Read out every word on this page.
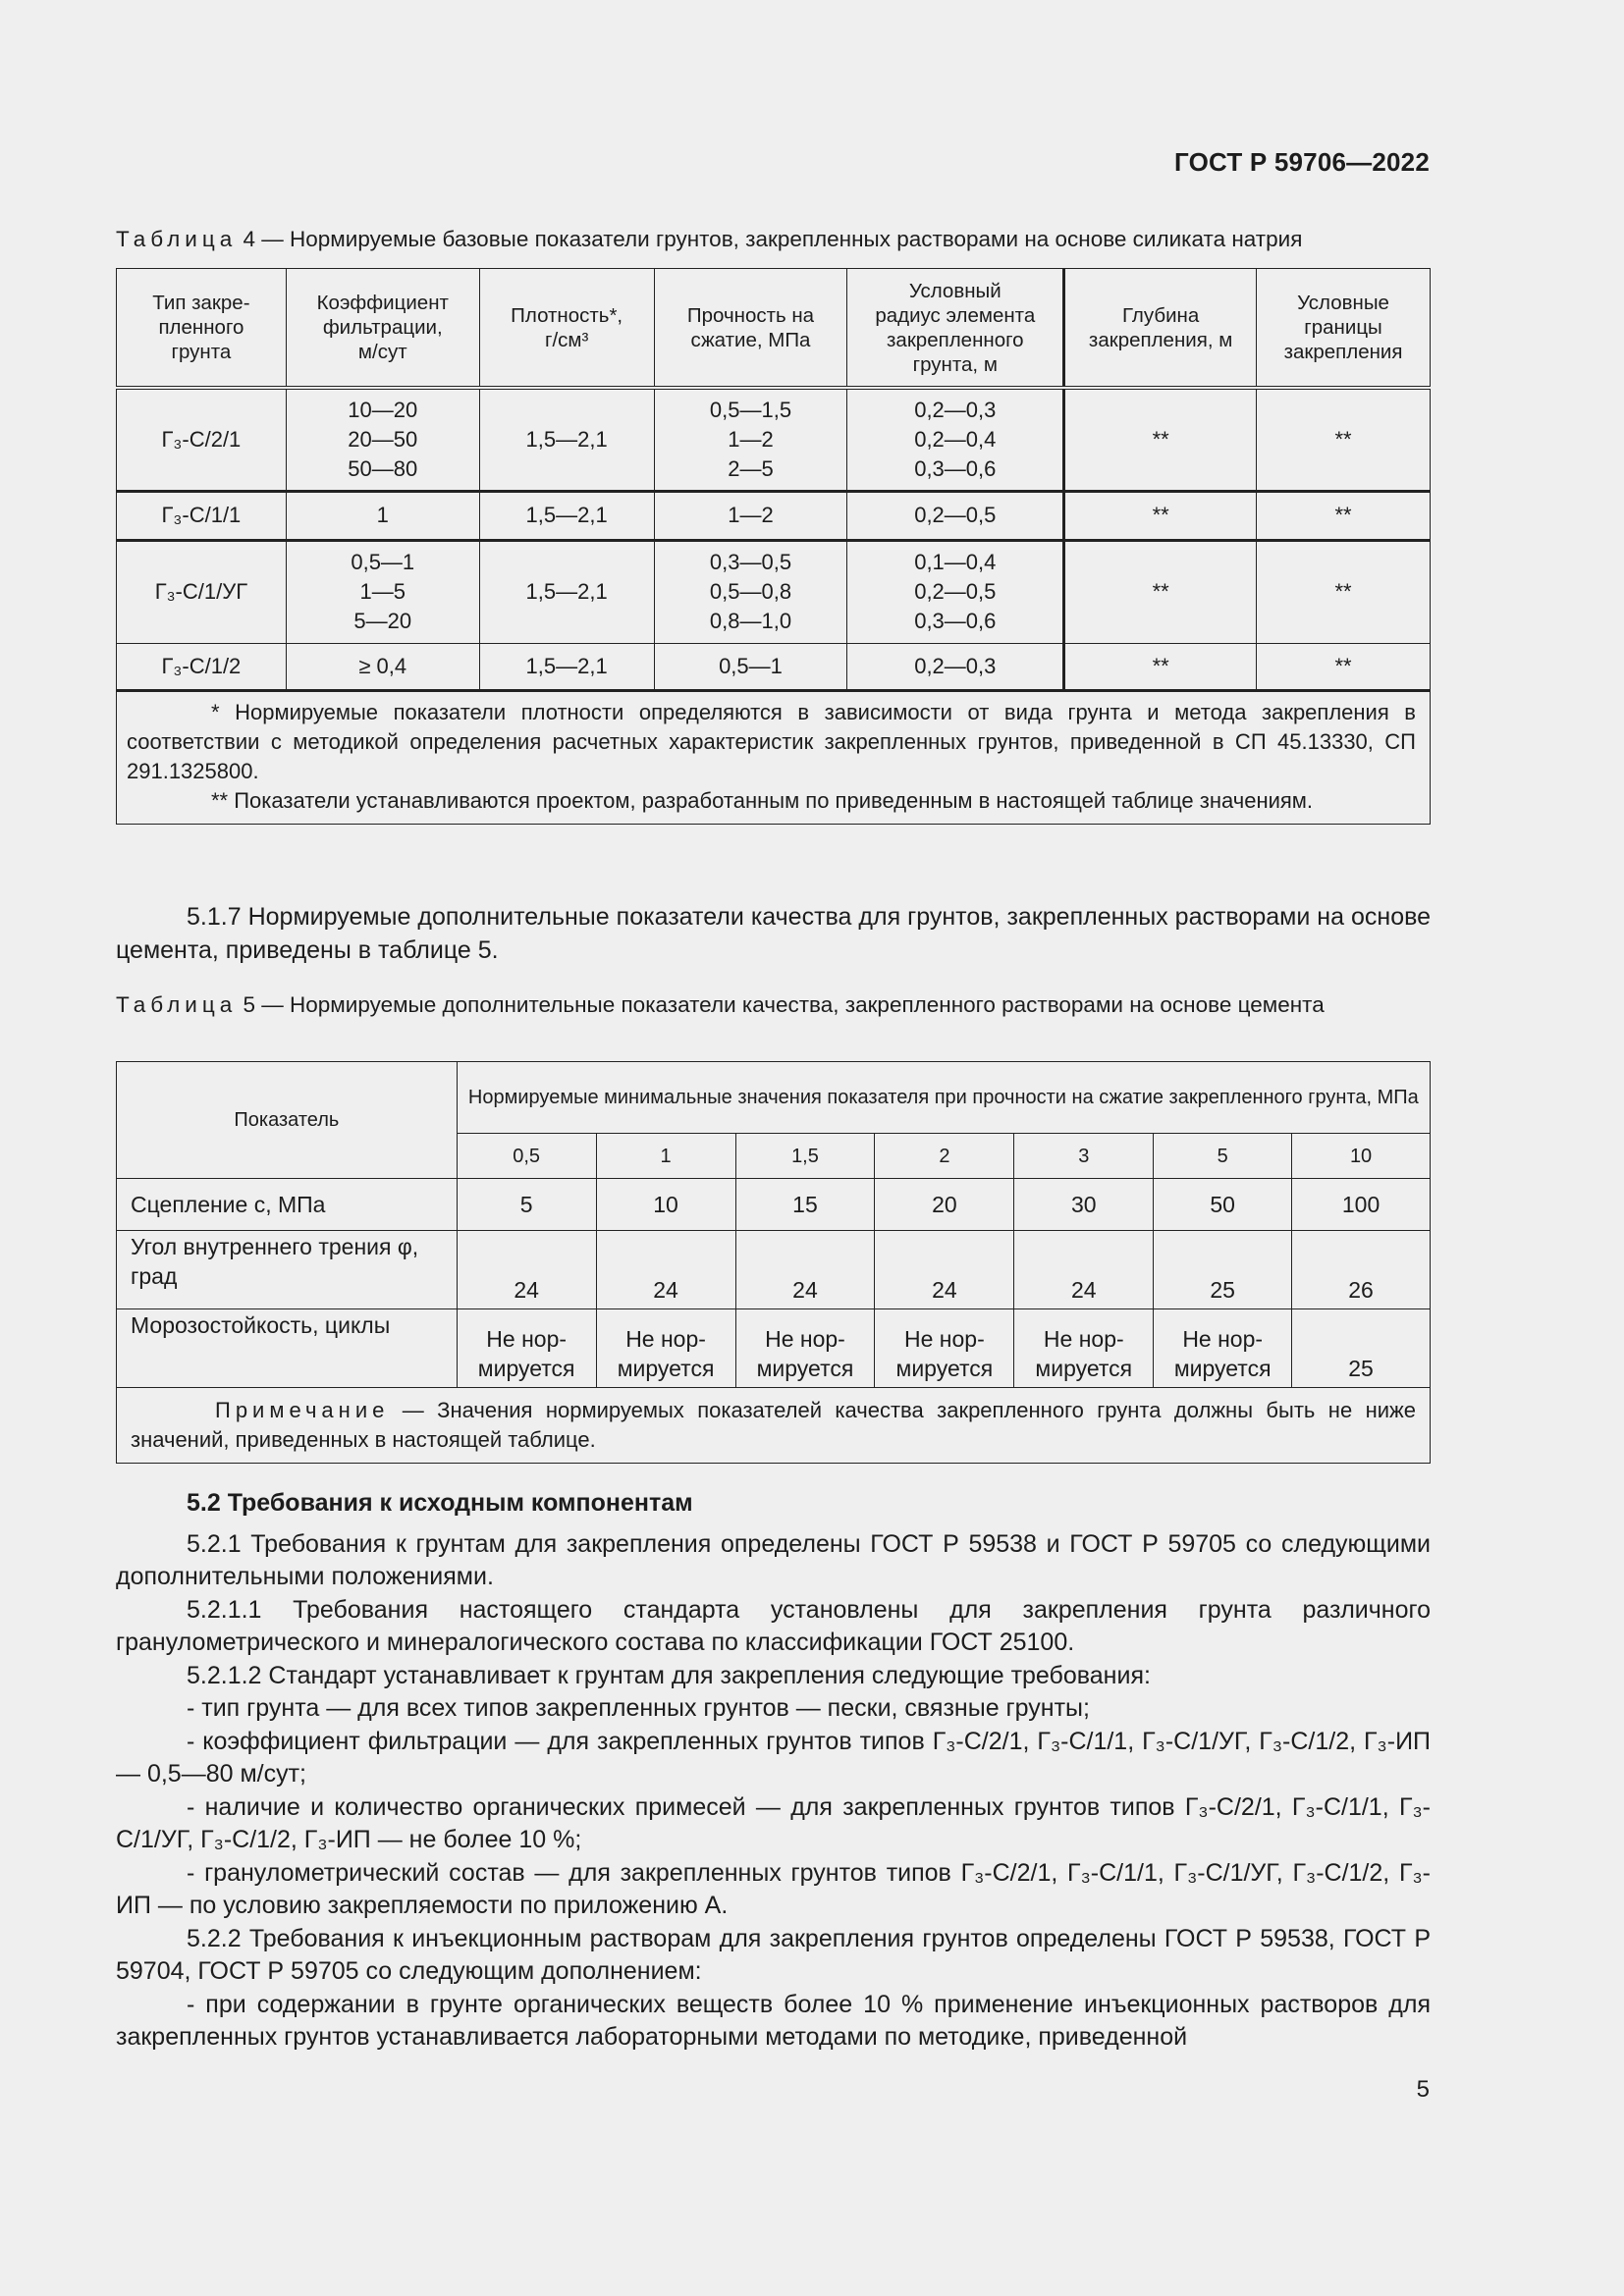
ГОСТ Р 59706—2022
Таблица 4 — Нормируемые базовые показатели грунтов, закрепленных растворами на основе силиката натрия
Тип закре-
пленного
грунта	Коэффициент
фильтрации,
м/сут	Плотность*,
г/см³	Прочность на
сжатие, МПа	Условный
радиус элемента
закрепленного
грунта, м	Глубина
закрепления, м	Условные
границы
закрепления
Г₃-С/2/1	10—20
20—50
50—80	1,5—2,1	0,5—1,5
1—2
2—5	0,2—0,3
0,2—0,4
0,3—0,6	**	**
Г₃-С/1/1	1	1,5—2,1	1—2	0,2—0,5	**	**
Г₃-С/1/УГ	0,5—1
1—5
5—20	1,5—2,1	0,3—0,5
0,5—0,8
0,8—1,0	0,1—0,4
0,2—0,5
0,3—0,6	**	**
Г₃-С/1/2	≥ 0,4	1,5—2,1	0,5—1	0,2—0,3	**	**

* Нормируемые показатели плотности определяются в зависимости от вида грунта и метода закрепления в соответствии с методикой определения расчетных характеристик закрепленных грунтов, приведенной в СП 45.13330, СП 291.1325800.
** Показатели устанавливаются проектом, разработанным по приведенным в настоящей таблице значениям.						

5.1.7 Нормируемые дополнительные показатели качества для грунтов, закрепленных растворами на основе цемента, приведены в таблице 5.

Таблица 5 — Нормируемые дополнительные показатели качества, закрепленного растворами на основе цемента
Показатель	Нормируемые минимальные значения показателя при прочности на сжатие закрепленного грунта, МПа						
	0,5	1	1,5	2	3	5	10
Сцепление с, МПа	5	10	15	20	30	50	100
Угол внутреннего трения φ, град	24	24	24	24	24	25	26
Морозостойкость, циклы	Не нор-
мируется	Не нор-
мируется	Не нор-
мируется	Не нор-
мируется	Не нор-
мируется	Не нор-
мируется	25
Примечание — Значения нормируемых показателей качества закрепленного грунта должны быть не ниже значений, приведенных в настоящей таблице.							

5.2 Требования к исходным компонентам

5.2.1 Требования к грунтам для закрепления определены ГОСТ Р 59538 и ГОСТ Р 59705 со следующими дополнительными положениями.

5.2.1.1 Требования настоящего стандарта установлены для закрепления грунта различного гранулометрического и минералогического состава по классификации ГОСТ 25100.

5.2.1.2 Стандарт устанавливает к грунтам для закрепления следующие требования:

- тип грунта — для всех типов закрепленных грунтов — пески, связные грунты;

- коэффициент фильтрации — для закрепленных грунтов типов Г₃-С/2/1, Г₃-С/1/1, Г₃-С/1/УГ, Г₃-С/1/2, Г₃-ИП — 0,5—80 м/сут;

- наличие и количество органических примесей — для закрепленных грунтов типов Г₃-С/2/1, Г₃-С/1/1, Г₃-С/1/УГ, Г₃-С/1/2, Г₃-ИП — не более 10 %;

- гранулометрический состав — для закрепленных грунтов типов Г₃-С/2/1, Г₃-С/1/1, Г₃-С/1/УГ, Г₃-С/1/2, Г₃-ИП — по условию закрепляемости по приложению А.

5.2.2 Требования к инъекционным растворам для закрепления грунтов определены ГОСТ Р 59538, ГОСТ Р 59704, ГОСТ Р 59705 со следующим дополнением:

- при содержании в грунте органических веществ более 10 % применение инъекционных растворов для закрепленных грунтов устанавливается лабораторными методами по методике, приведенной

5
